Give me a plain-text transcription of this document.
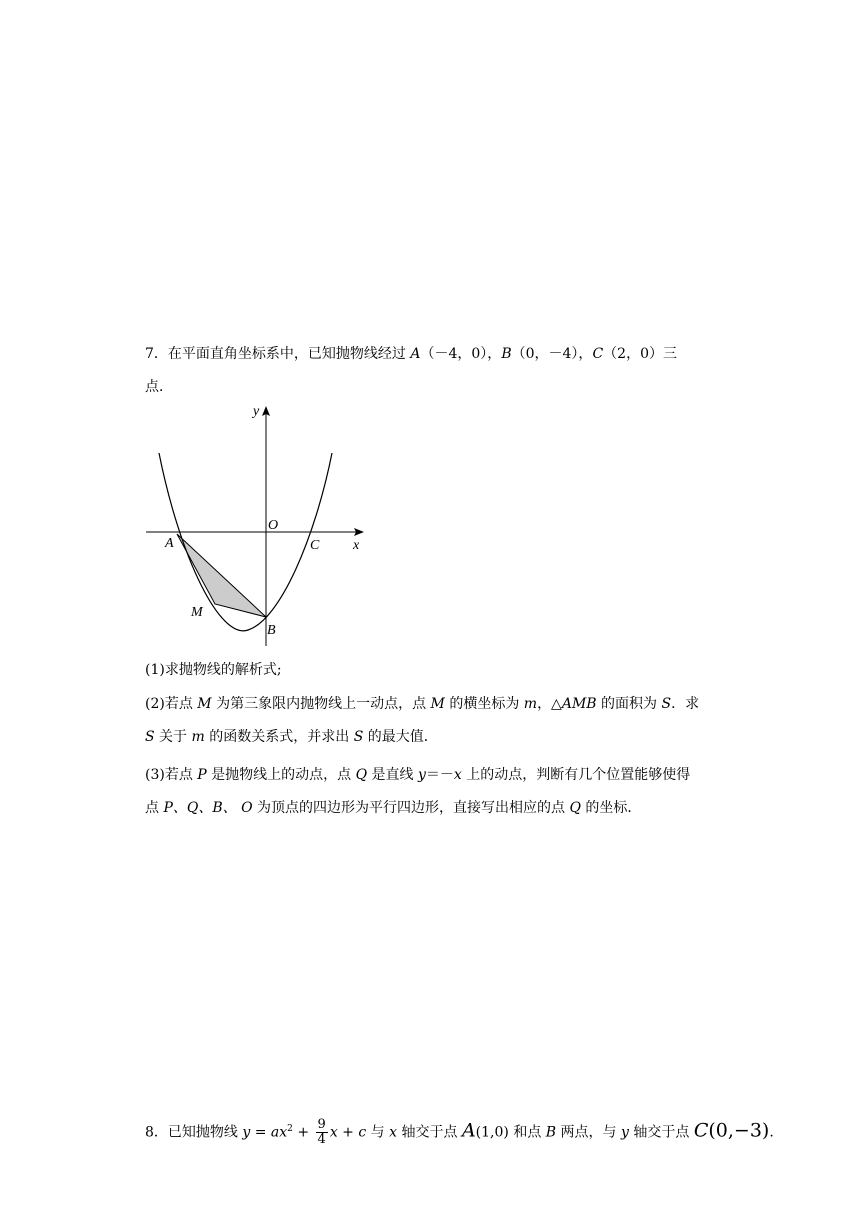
7．在平面直角坐标系中，已知抛物线经过 A（－4，0），B（0，－4），C（2，0）三
点．
y
x
O
A	C
M
B
(1)求抛物线的解析式;
(2)若点 M 为第三象限内抛物线上一动点，点 M 的横坐标为 m，△AMB 的面积为 S．求
S 关于 m 的函数关系式，并求出 S 的最大值．
(3)若点 P 是抛物线上的动点，点 Q 是直线 y＝－x 上的动点，判断有几个位置能够使得
点 P、Q、B、 O 为顶点的四边形为平行四边形，直接写出相应的点 Q 的坐标．
8．已知抛物线 $y = ax^2 + \frac{9}{4}$ x + c 与 x 轴交于点 A(1,0) 和点 B 两点，与 y 轴交于点 C(0,−3).
